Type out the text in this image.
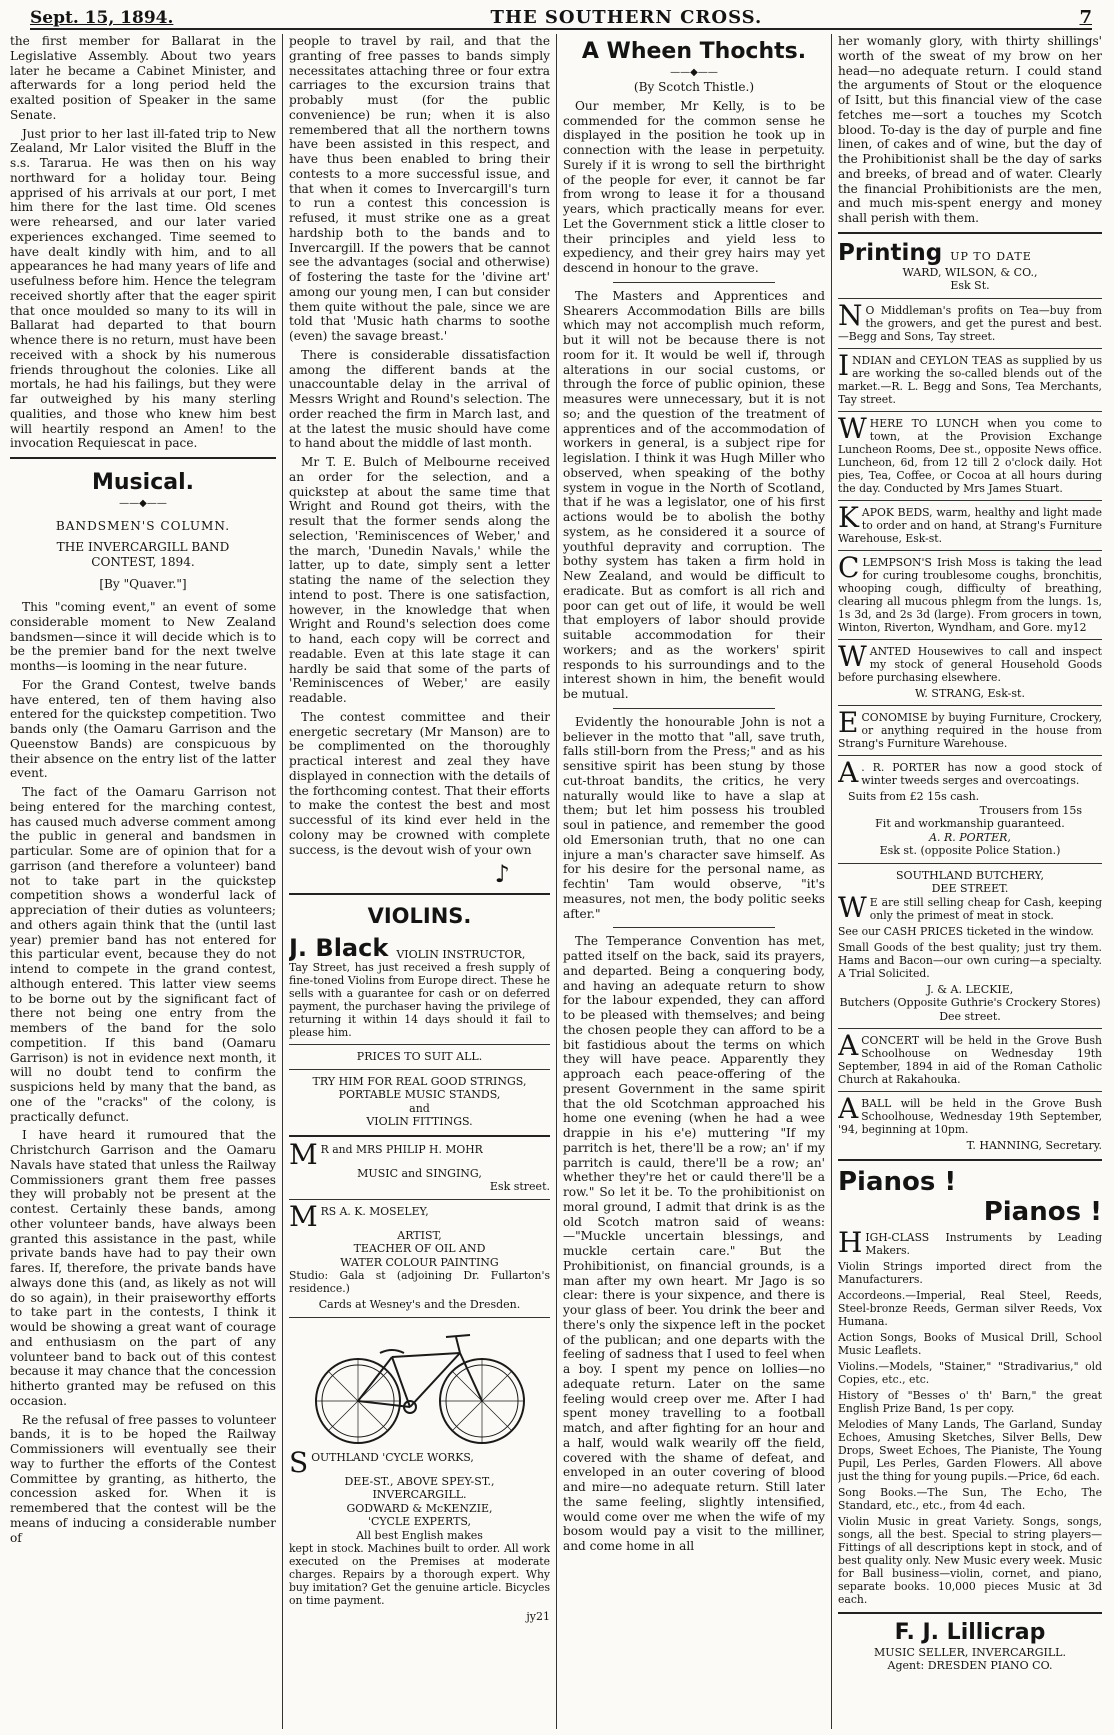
Sept. 15, 1894.	THE SOUTHERN CROSS.	7

the first member for Ballarat in the Legislative Assembly. About two years later he became a Cabinet Minister, and afterwards for a long period held the exalted position of Speaker in the same Senate.

Just prior to her last ill-fated trip to New Zealand, Mr Lalor visited the Bluff in the s.s. Tararua. He was then on his way northward for a holiday tour. Being apprised of his arrivals at our port, I met him there for the last time. Old scenes were rehearsed, and our later varied experiences exchanged. Time seemed to have dealt kindly with him, and to all appearances he had many years of life and usefulness before him. Hence the telegram received shortly after that the eager spirit that once moulded so many to its will in Ballarat had departed to that bourn whence there is no return, must have been received with a shock by his numerous friends throughout the colonies. Like all mortals, he had his failings, but they were far outweighed by his many sterling qualities, and those who knew him best will heartily respond an Amen! to the invocation Requiescat in pace.

Musical.
——◆——
BANDSMEN'S COLUMN.
THE INVERCARGILL BAND CONTEST, 1894.
[By "Quaver."]

This "coming event," an event of some considerable moment to New Zealand bandsmen—since it will decide which is to be the premier band for the next twelve months—is looming in the near future.

For the Grand Contest, twelve bands have entered, ten of them having also entered for the quickstep competition. Two bands only (the Oamaru Garrison and the Queenstow Bands) are conspicuous by their absence on the entry list of the latter event.

The fact of the Oamaru Garrison not being entered for the marching contest, has caused much adverse comment among the public in general and bandsmen in particular. Some are of opinion that for a garrison (and therefore a volunteer) band not to take part in the quickstep competition shows a wonderful lack of appreciation of their duties as volunteers; and others again think that the (until last year) premier band has not entered for this particular event, because they do not intend to compete in the grand contest, although entered. This latter view seems to be borne out by the significant fact of there not being one entry from the members of the band for the solo competition. If this band (Oamaru Garrison) is not in evidence next month, it will no doubt tend to confirm the suspicions held by many that the band, as one of the "cracks" of the colony, is practically defunct.

I have heard it rumoured that the Christchurch Garrison and the Oamaru Navals have stated that unless the Railway Commissioners grant them free passes they will probably not be present at the contest. Certainly these bands, among other volunteer bands, have always been granted this assistance in the past, while private bands have had to pay their own fares. If, therefore, the private bands have always done this (and, as likely as not will do so again), in their praiseworthy efforts to take part in the contests, I think it would be showing a great want of courage and enthusiasm on the part of any volunteer band to back out of this contest because it may chance that the concession hitherto granted may be refused on this occasion.

Re the refusal of free passes to volunteer bands, it is to be hoped the Railway Commissioners will eventually see their way to further the efforts of the Contest Committee by granting, as hitherto, the concession asked for. When it is remembered that the contest will be the means of inducing a considerable number of

people to travel by rail, and that the granting of free passes to bands simply necessitates attaching three or four extra carriages to the excursion trains that probably must (for the public convenience) be run; when it is also remembered that all the northern towns have been assisted in this respect, and have thus been enabled to bring their contests to a more successful issue, and that when it comes to Invercargill's turn to run a contest this concession is refused, it must strike one as a great hardship both to the bands and to Invercargill. If the powers that be cannot see the advantages (social and otherwise) of fostering the taste for the 'divine art' among our young men, I can but consider them quite without the pale, since we are told that 'Music hath charms to soothe (even) the savage breast.'

There is considerable dissatisfaction among the different bands at the unaccountable delay in the arrival of Messrs Wright and Round's selection. The order reached the firm in March last, and at the latest the music should have come to hand about the middle of last month.

Mr T. E. Bulch of Melbourne received an order for the selection, and a quickstep at about the same time that Wright and Round got theirs, with the result that the former sends along the selection, 'Reminiscences of Weber,' and the march, 'Dunedin Navals,' while the latter, up to date, simply sent a letter stating the name of the selection they intend to post. There is one satisfaction, however, in the knowledge that when Wright and Round's selection does come to hand, each copy will be correct and readable. Even at this late stage it can hardly be said that some of the parts of 'Reminiscences of Weber,' are easily readable.

The contest committee and their energetic secretary (Mr Manson) are to be complimented on the thoroughly practical interest and zeal they have displayed in connection with the details of the forthcoming contest. That their efforts to make the contest the best and most successful of its kind ever held in the colony may be crowned with complete success, is the devout wish of your own

♪
VIOLINS.
J. Black VIOLIN INSTRUCTOR,
Tay Street, has just received a fresh supply of fine-toned Violins from Europe direct. These he sells with a guarantee for cash or on deferred payment, the purchaser having the privilege of returning it within 14 days should it fail to please him.
PRICES TO SUIT ALL.
TRY HIM FOR REAL GOOD STRINGS, PORTABLE MUSIC STANDS,
and
VIOLIN FITTINGS.
M R and MRS PHILIP H. MOHR
MUSIC and SINGING,
Esk street.
MRS A. K. MOSELEY,
ARTIST,
TEACHER OF OIL AND
WATER COLOUR PAINTING
Studio: Gala st (adjoining Dr. Fullarton's residence.)
Cards at Wesney's and the Dresden.
SOUTHLAND 'CYCLE WORKS,
DEE-ST., ABOVE SPEY-ST.,
INVERCARGILL.
GODWARD & McKENZIE,
'CYCLE EXPERTS,
All best English makes
kept in stock. Machines built to order. All work executed on the Premises at moderate charges. Repairs by a thorough expert. Why buy imitation? Get the genuine article. Bicycles on time payment.
jy21
A Wheen Thochts.
——◆——
(By Scotch Thistle.)

Our member, Mr Kelly, is to be commended for the common sense he displayed in the position he took up in connection with the lease in perpetuity. Surely if it is wrong to sell the birthright of the people for ever, it cannot be far from wrong to lease it for a thousand years, which practically means for ever. Let the Government stick a little closer to their principles and yield less to expediency, and their grey hairs may yet descend in honour to the grave.

The Masters and Apprentices and Shearers Accommodation Bills are bills which may not accomplish much reform, but it will not be because there is not room for it. It would be well if, through alterations in our social customs, or through the force of public opinion, these measures were unnecessary, but it is not so; and the question of the treatment of apprentices and of the accommodation of workers in general, is a subject ripe for legislation. I think it was Hugh Miller who observed, when speaking of the bothy system in vogue in the North of Scotland, that if he was a legislator, one of his first actions would be to abolish the bothy system, as he considered it a source of youthful depravity and corruption. The bothy system has taken a firm hold in New Zealand, and would be difficult to eradicate. But as comfort is all rich and poor can get out of life, it would be well that employers of labor should provide suitable accommodation for their workers; and as the workers' spirit responds to his surroundings and to the interest shown in him, the benefit would be mutual.

Evidently the honourable John is not a believer in the motto that "all, save truth, falls still-born from the Press;" and as his sensitive spirit has been stung by those cut-throat bandits, the critics, he very naturally would like to have a slap at them; but let him possess his troubled soul in patience, and remember the good old Emersonian truth, that no one can injure a man's character save himself. As for his desire for the personal name, as fechtin' Tam would observe, "it's measures, not men, the body politic seeks after."

The Temperance Convention has met, patted itself on the back, said its prayers, and departed. Being a conquering body, and having an adequate return to show for the labour expended, they can afford to be pleased with themselves; and being the chosen people they can afford to be a bit fastidious about the terms on which they will have peace. Apparently they approach each peace-offering of the present Government in the same spirit that the old Scotchman approached his home one evening (when he had a wee drappie in his e'e) muttering "If my parritch is het, there'll be a row; an' if my parritch is cauld, there'll be a row; an' whether they're het or cauld there'll be a row." So let it be. To the prohibitionist on moral ground, I admit that drink is as the old Scotch matron said of weans:—"Muckle uncertain blessings, and muckle certain care." But the Prohibitionist, on financial grounds, is a man after my own heart. Mr Jago is so clear: there is your sixpence, and there is your glass of beer. You drink the beer and there's only the sixpence left in the pocket of the publican; and one departs with the feeling of sadness that I used to feel when a boy. I spent my pence on lollies—no adequate return. Later on the same feeling would creep over me. After I had spent money travelling to a football match, and after fighting for an hour and a half, would walk wearily off the field, covered with the shame of defeat, and enveloped in an outer covering of blood and mire—no adequate return. Still later the same feeling, slightly intensified, would come over me when the wife of my bosom would pay a visit to the milliner, and come home in all

her womanly glory, with thirty shillings' worth of the sweat of my brow on her head—no adequate return. I could stand the arguments of Stout or the eloquence of Isitt, but this financial view of the case fetches me—sort a touches my Scotch blood. To-day is the day of purple and fine linen, of cakes and of wine, but the day of the Prohibitionist shall be the day of sarks and breeks, of bread and of water. Clearly the financial Prohibitionists are the men, and much mis-spent energy and money shall perish with them.

Printing UP TO DATE
WARD, WILSON, & CO.,
Esk St.
N O Middleman's profits on Tea—buy from the growers, and get the purest and best.—Begg and Sons, Tay street.
INDIAN and CEYLON TEAS as supplied by us are working the so-called blends out of the market.—R. L. Begg and Sons, Tea Merchants, Tay street.
WHERE TO LUNCH when you come to town, at the Provision Exchange Luncheon Rooms, Dee st., opposite News office. Luncheon, 6d, from 12 till 2 o'clock daily. Hot pies, Tea, Coffee, or Cocoa at all hours during the day. Conducted by Mrs James Stuart.
KAPOK BEDS, warm, healthy and light made to order and on hand, at Strang's Furniture Warehouse, Esk-st.
CLEMPSON'S Irish Moss is taking the lead for curing troublesome coughs, bronchitis, whooping cough, difficulty of breathing, clearing all mucous phlegm from the lungs. 1s, 1s 3d, and 2s 3d (large). From grocers in town, Winton, Riverton, Wyndham, and Gore. my12
WANTED Housewives to call and inspect my stock of general Household Goods before purchasing elsewhere.
W. STRANG, Esk-st.
ECONOMISE by buying Furniture, Crockery, or anything required in the house from Strang's Furniture Warehouse.
A . R. PORTER has now a good stock of winter tweeds serges and overcoatings.
Suits from £2 15s cash.
Trousers from 15s
Fit and workmanship guaranteed.
A. R. PORTER,
Esk st. (opposite Police Station.)
SOUTHLAND BUTCHERY,
DEE STREET.
W E are still selling cheap for Cash, keeping only the primest of meat in stock.
See our CASH PRICES ticketed in the window.
Small Goods of the best quality; just try them. Hams and Bacon—our own curing—a specialty. A Trial Solicited.
J. & A. LECKIE,
Butchers (Opposite Guthrie's Crockery Stores)
Dee street.
ACONCERT will be held in the Grove Bush Schoolhouse on Wednesday 19th September, 1894 in aid of the Roman Catholic Church at Rakahouka.
ABALL will be held in the Grove Bush Schoolhouse, Wednesday 19th September, '94, beginning at 10pm.
T. HANNING, Secretary.
Pianos !
Pianos !
HIGH-CLASS Instruments by Leading Makers.
Violin Strings imported direct from the Manufacturers.
Accordeons.—Imperial, Real Steel, Reeds, Steel-bronze Reeds, German silver Reeds, Vox Humana.
Action Songs, Books of Musical Drill, School Music Leaflets.
Violins.—Models, "Stainer," "Stradivarius," old Copies, etc., etc.
History of "Besses o' th' Barn," the great English Prize Band, 1s per copy.
Melodies of Many Lands, The Garland, Sunday Echoes, Amusing Sketches, Silver Bells, Dew Drops, Sweet Echoes, The Pianiste, The Young Pupil, Les Perles, Garden Flowers. All above just the thing for young pupils.—Price, 6d each.
Song Books.—The Sun, The Echo, The Standard, etc., etc., from 4d each.
Violin Music in great Variety. Songs, songs, songs, all the best. Special to string players—Fittings of all descriptions kept in stock, and of best quality only. New Music every week. Music for Ball business—violin, cornet, and piano, separate books. 10,000 pieces Music at 3d each.
F. J. Lillicrap
MUSIC SELLER, INVERCARGILL.
Agent: DRESDEN PIANO CO.
